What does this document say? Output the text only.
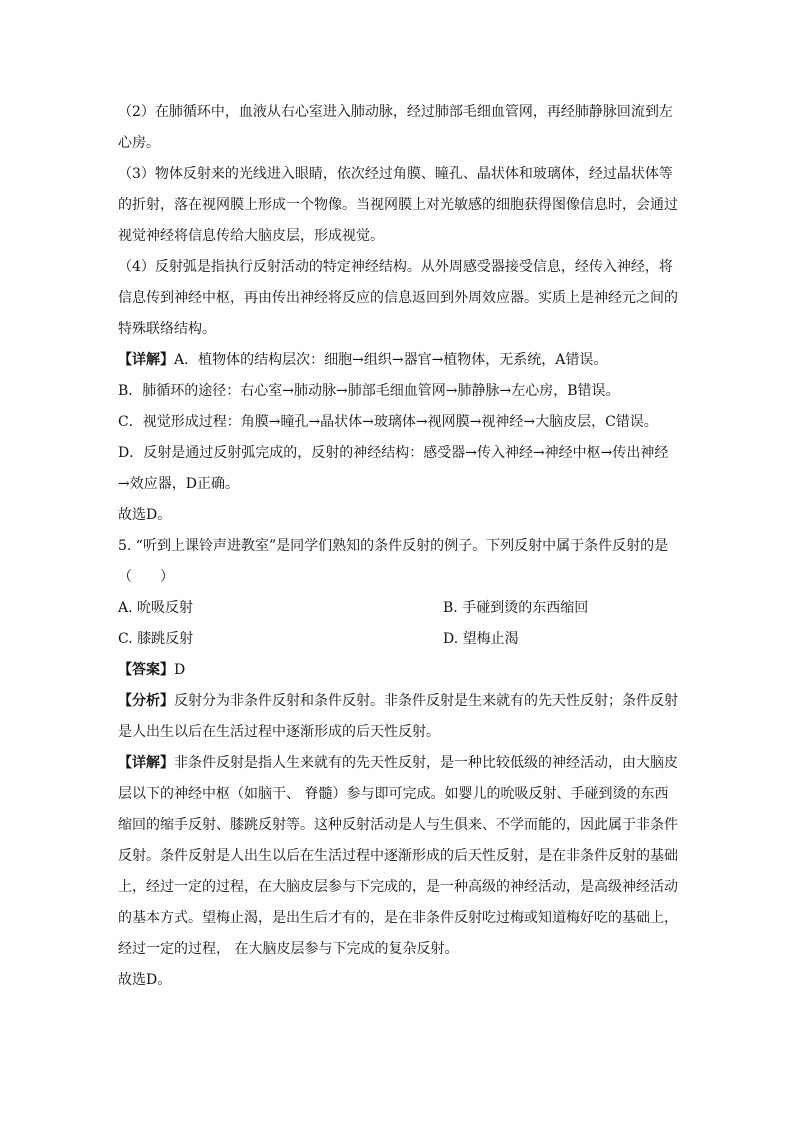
（2）在肺循环中，血液从右心室进入肺动脉，经过肺部毛细血管网，再经肺静脉回流到左心房。

（3）物体反射来的光线进入眼睛，依次经过角膜、瞳孔、晶状体和玻璃体，经过晶状体等的折射，落在视网膜上形成一个物像。当视网膜上对光敏感的细胞获得图像信息时，会通过视觉神经将信息传给大脑皮层，形成视觉。

（4）反射弧是指执行反射活动的特定神经结构。从外周感受器接受信息，经传入神经，将信息传到神经中枢，再由传出神经将反应的信息返回到外周效应器。实质上是神经元之间的特殊联络结构。

【详解】A．植物体的结构层次：细胞→组织→器官→植物体，无系统，A错误。

B．肺循环的途径：右心室→肺动脉→肺部毛细血管网→肺静脉→左心房，B错误。

C．视觉形成过程：角膜→瞳孔→晶状体→玻璃体→视网膜→视神经→大脑皮层，C错误。

D．反射是通过反射弧完成的，反射的神经结构：感受器→传入神经→神经中枢→传出神经→效应器，D正确。

故选D。

5. “听到上课铃声进教室”是同学们熟知的条件反射的例子。下列反射中属于条件反射的是（　　）

A. 吮吸反射	B. 手碰到烫的东西缩回
C. 膝跳反射	D. 望梅止渴

【答案】D

【分析】反射分为非条件反射和条件反射。非条件反射是生来就有的先天性反射；条件反射是人出生以后在生活过程中逐渐形成的后天性反射。

【详解】非条件反射是指人生来就有的先天性反射，是一种比较低级的神经活动，由大脑皮层以下的神经中枢（如脑干、 脊髓）参与即可完成。如婴儿的吮吸反射、手碰到烫的东西缩回的缩手反射、膝跳反射等。这种反射活动是人与生俱来、不学而能的，因此属于非条件反射。条件反射是人出生以后在生活过程中逐渐形成的后天性反射，是在非条件反射的基础上，经过一定的过程，在大脑皮层参与下完成的，是一种高级的神经活动，是高级神经活动的基本方式。望梅止渴，是出生后才有的，是在非条件反射吃过梅或知道梅好吃的基础上，经过一定的过程， 在大脑皮层参与下完成的复杂反射。

故选D。
